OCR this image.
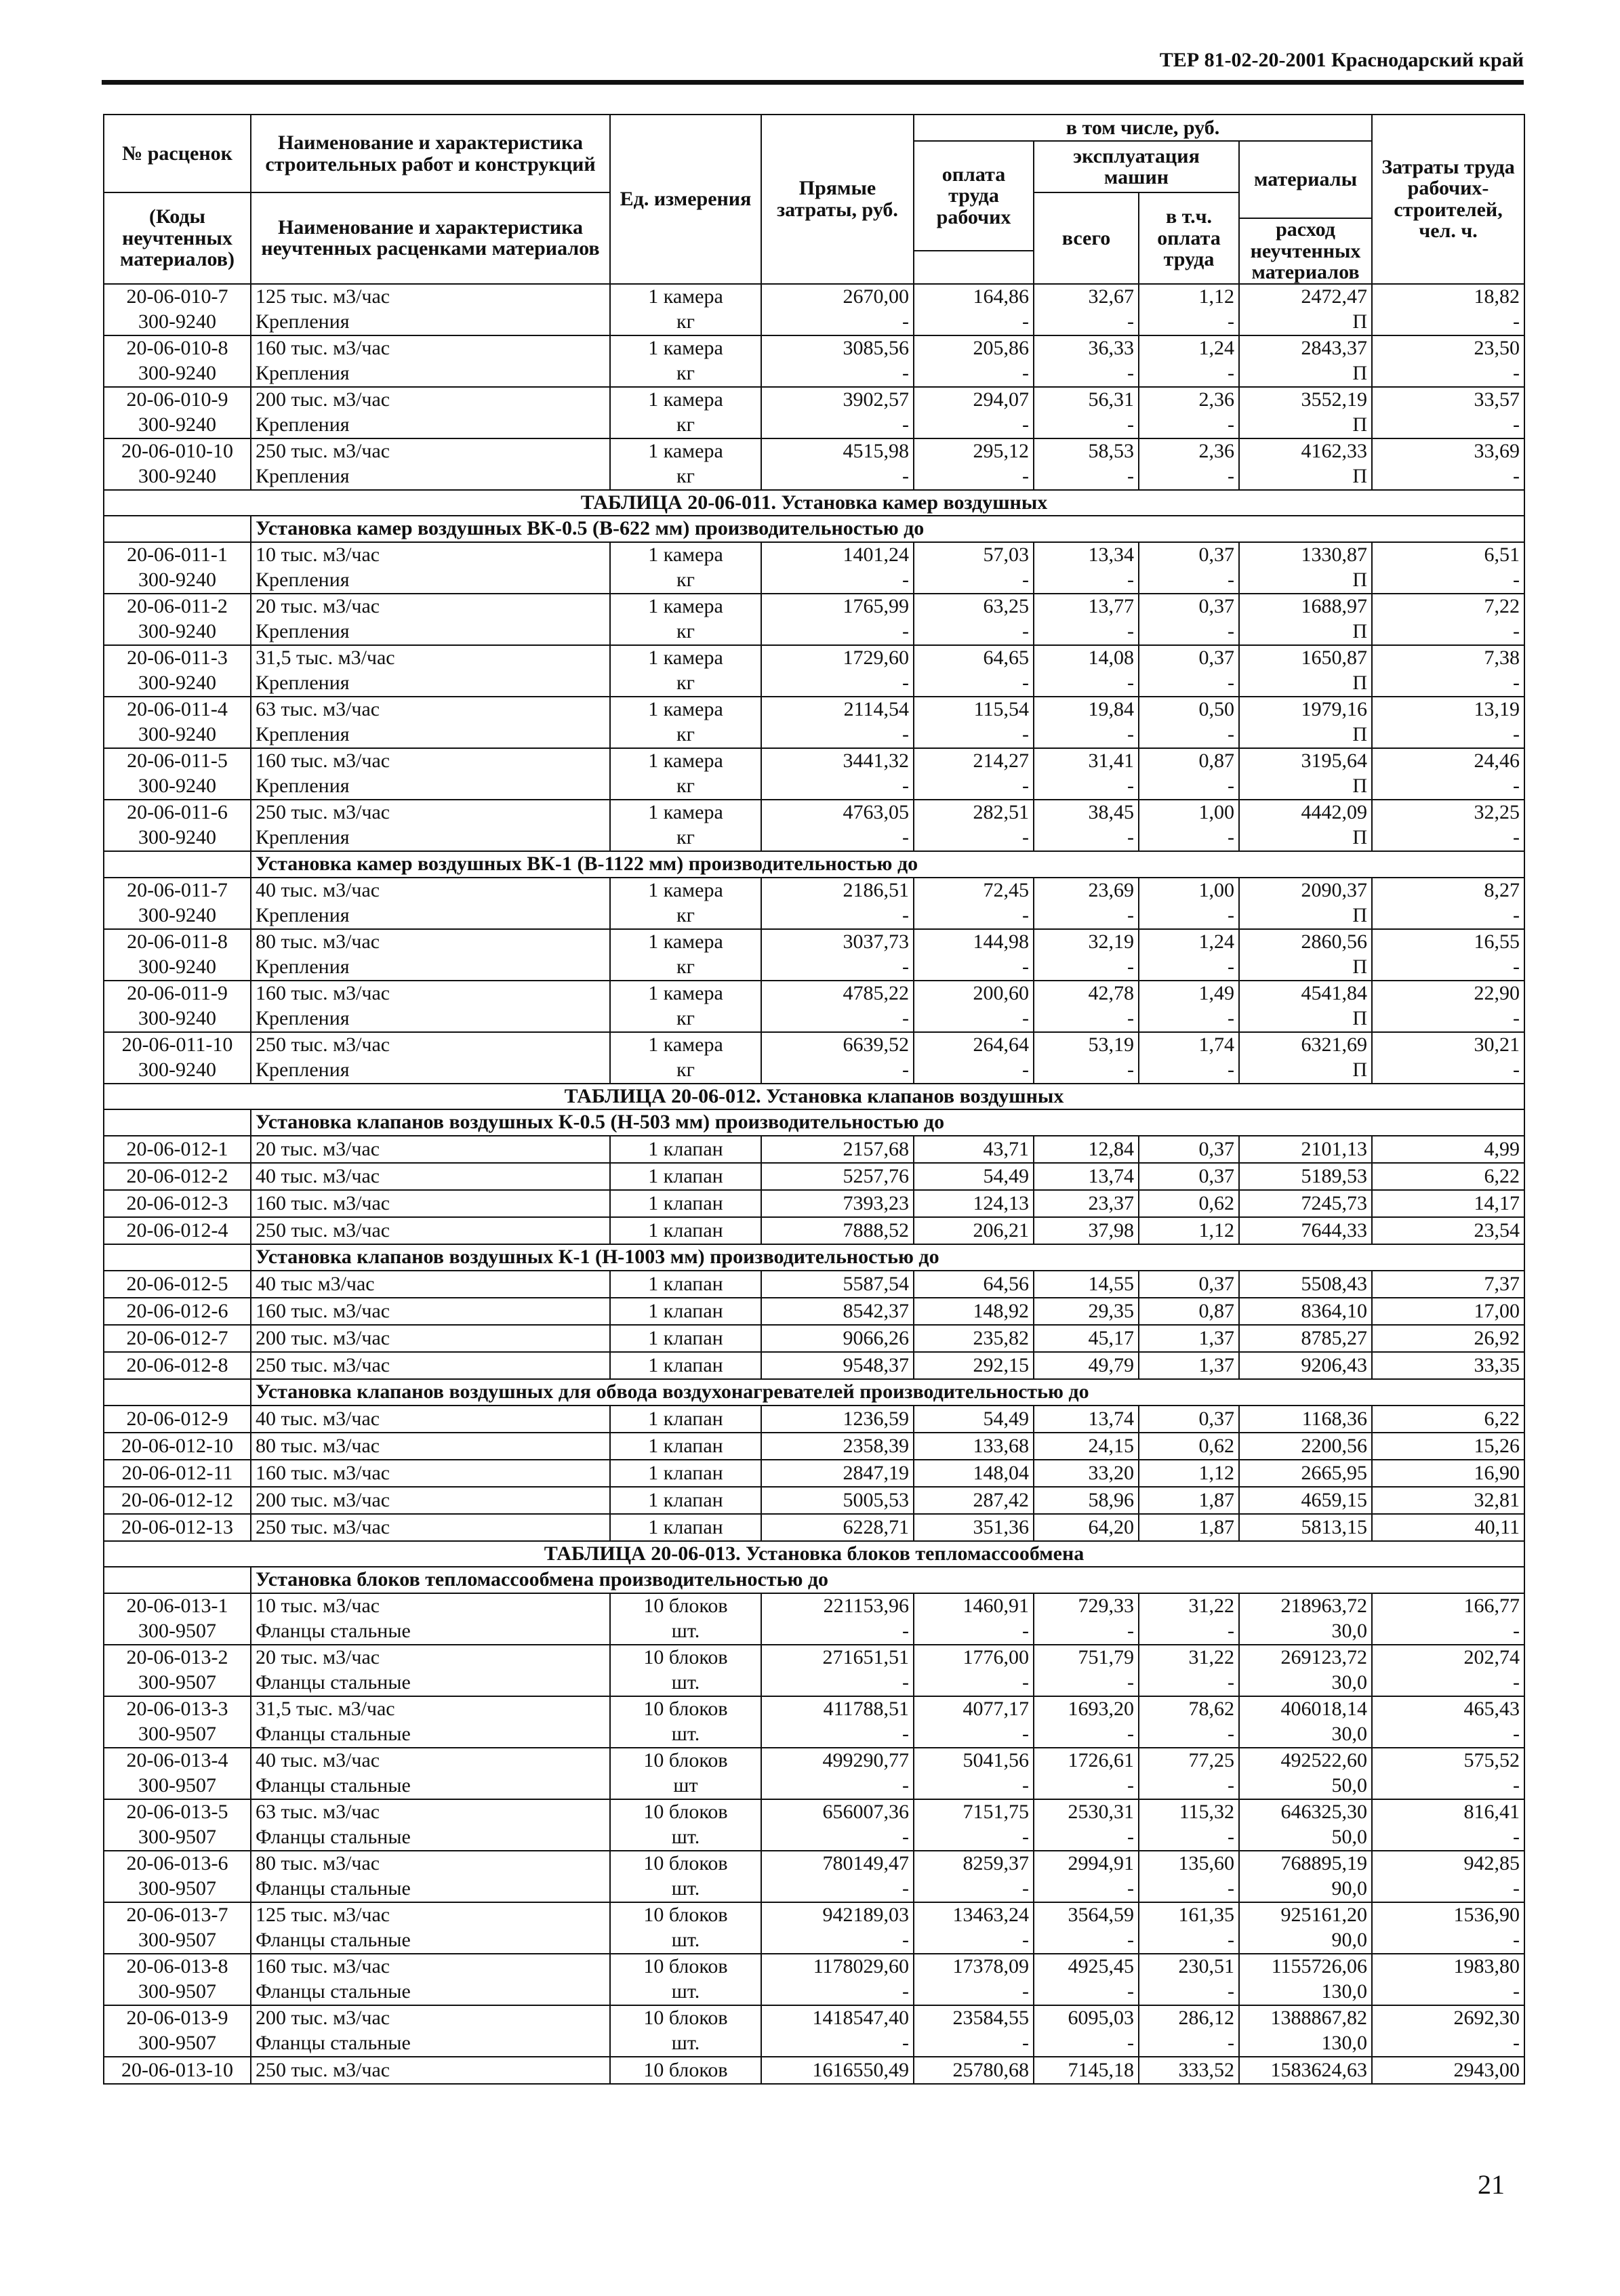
ТЕР 81-02-20-2001 Краснодарский край
№ расценок	Наименование и характеристика строительных работ и конструкций	Ед. измерения	Прямые затраты, руб.	в том числе, руб.				Затраты труда рабочих-строителей, чел. ч.
				оплата труда рабочих	эксплуатация машин		материалы	

(Коды неучтенных материалов)	Наименование и характеристика неучтенных расценками материалов				всего	в т.ч. оплата труда		
							расход неучтенных материалов	

20-06-010-7	125 тыс. м3/час	1 камера	2670,00	164,86	32,67	1,12	2472,47	18,82
300-9240	Крепления	кг	-	-	-	-	П	-
20-06-010-8	160 тыс. м3/час	1 камера	3085,56	205,86	36,33	1,24	2843,37	23,50
300-9240	Крепления	кг	-	-	-	-	П	-
20-06-010-9	200 тыс. м3/час	1 камера	3902,57	294,07	56,31	2,36	3552,19	33,57
300-9240	Крепления	кг	-	-	-	-	П	-
20-06-010-10	250 тыс. м3/час	1 камера	4515,98	295,12	58,53	2,36	4162,33	33,69
300-9240	Крепления	кг	-	-	-	-	П	-
ТАБЛИЦА 20-06-011. Установка камер воздушных								
	Установка камер воздушных ВК-0.5 (В-622 мм) производительностью до							
20-06-011-1	10 тыс. м3/час	1 камера	1401,24	57,03	13,34	0,37	1330,87	6,51
300-9240	Крепления	кг	-	-	-	-	П	-
20-06-011-2	20 тыс. м3/час	1 камера	1765,99	63,25	13,77	0,37	1688,97	7,22
300-9240	Крепления	кг	-	-	-	-	П	-
20-06-011-3	31,5 тыс. м3/час	1 камера	1729,60	64,65	14,08	0,37	1650,87	7,38
300-9240	Крепления	кг	-	-	-	-	П	-
20-06-011-4	63 тыс. м3/час	1 камера	2114,54	115,54	19,84	0,50	1979,16	13,19
300-9240	Крепления	кг	-	-	-	-	П	-
20-06-011-5	160 тыс. м3/час	1 камера	3441,32	214,27	31,41	0,87	3195,64	24,46
300-9240	Крепления	кг	-	-	-	-	П	-
20-06-011-6	250 тыс. м3/час	1 камера	4763,05	282,51	38,45	1,00	4442,09	32,25
300-9240	Крепления	кг	-	-	-	-	П	-
	Установка камер воздушных ВК-1 (В-1122 мм) производительностью до							
20-06-011-7	40 тыс. м3/час	1 камера	2186,51	72,45	23,69	1,00	2090,37	8,27
300-9240	Крепления	кг	-	-	-	-	П	-
20-06-011-8	80 тыс. м3/час	1 камера	3037,73	144,98	32,19	1,24	2860,56	16,55
300-9240	Крепления	кг	-	-	-	-	П	-
20-06-011-9	160 тыс. м3/час	1 камера	4785,22	200,60	42,78	1,49	4541,84	22,90
300-9240	Крепления	кг	-	-	-	-	П	-
20-06-011-10	250 тыс. м3/час	1 камера	6639,52	264,64	53,19	1,74	6321,69	30,21
300-9240	Крепления	кг	-	-	-	-	П	-
ТАБЛИЦА 20-06-012. Установка клапанов воздушных								
	Установка клапанов воздушных К-0.5 (Н-503 мм) производительностью до							
20-06-012-1	20 тыс. м3/час	1 клапан	2157,68	43,71	12,84	0,37	2101,13	4,99
20-06-012-2	40 тыс. м3/час	1 клапан	5257,76	54,49	13,74	0,37	5189,53	6,22
20-06-012-3	160 тыс. м3/час	1 клапан	7393,23	124,13	23,37	0,62	7245,73	14,17
20-06-012-4	250 тыс. м3/час	1 клапан	7888,52	206,21	37,98	1,12	7644,33	23,54
	Установка клапанов воздушных К-1 (Н-1003 мм) производительностью до							
20-06-012-5	40 тыс м3/час	1 клапан	5587,54	64,56	14,55	0,37	5508,43	7,37
20-06-012-6	160 тыс. м3/час	1 клапан	8542,37	148,92	29,35	0,87	8364,10	17,00
20-06-012-7	200 тыс. м3/час	1 клапан	9066,26	235,82	45,17	1,37	8785,27	26,92
20-06-012-8	250 тыс. м3/час	1 клапан	9548,37	292,15	49,79	1,37	9206,43	33,35
	Установка клапанов воздушных для обвода воздухонагревателей производительностью до							
20-06-012-9	40 тыс. м3/час	1 клапан	1236,59	54,49	13,74	0,37	1168,36	6,22
20-06-012-10	80 тыс. м3/час	1 клапан	2358,39	133,68	24,15	0,62	2200,56	15,26
20-06-012-11	160 тыс. м3/час	1 клапан	2847,19	148,04	33,20	1,12	2665,95	16,90
20-06-012-12	200 тыс. м3/час	1 клапан	5005,53	287,42	58,96	1,87	4659,15	32,81
20-06-012-13	250 тыс. м3/час	1 клапан	6228,71	351,36	64,20	1,87	5813,15	40,11
ТАБЛИЦА 20-06-013. Установка блоков тепломассообмена								
	Установка блоков тепломассообмена производительностью до							
20-06-013-1	10 тыс. м3/час	10 блоков	221153,96	1460,91	729,33	31,22	218963,72	166,77
300-9507	Фланцы стальные	шт.	-	-	-	-	30,0	-
20-06-013-2	20 тыс. м3/час	10 блоков	271651,51	1776,00	751,79	31,22	269123,72	202,74
300-9507	Фланцы стальные	шт.	-	-	-	-	30,0	-
20-06-013-3	31,5 тыс. м3/час	10 блоков	411788,51	4077,17	1693,20	78,62	406018,14	465,43
300-9507	Фланцы стальные	шт.	-	-	-	-	30,0	-
20-06-013-4	40 тыс. м3/час	10 блоков	499290,77	5041,56	1726,61	77,25	492522,60	575,52
300-9507	Фланцы стальные	шт	-	-	-	-	50,0	-
20-06-013-5	63 тыс. м3/час	10 блоков	656007,36	7151,75	2530,31	115,32	646325,30	816,41
300-9507	Фланцы стальные	шт.	-	-	-	-	50,0	-
20-06-013-6	80 тыс. м3/час	10 блоков	780149,47	8259,37	2994,91	135,60	768895,19	942,85
300-9507	Фланцы стальные	шт.	-	-	-	-	90,0	-
20-06-013-7	125 тыс. м3/час	10 блоков	942189,03	13463,24	3564,59	161,35	925161,20	1536,90
300-9507	Фланцы стальные	шт.	-	-	-	-	90,0	-
20-06-013-8	160 тыс. м3/час	10 блоков	1178029,60	17378,09	4925,45	230,51	1155726,06	1983,80
300-9507	Фланцы стальные	шт.	-	-	-	-	130,0	-
20-06-013-9	200 тыс. м3/час	10 блоков	1418547,40	23584,55	6095,03	286,12	1388867,82	2692,30
300-9507	Фланцы стальные	шт.	-	-	-	-	130,0	-
20-06-013-10	250 тыс. м3/час	10 блоков	1616550,49	25780,68	7145,18	333,52	1583624,63	2943,00
21
